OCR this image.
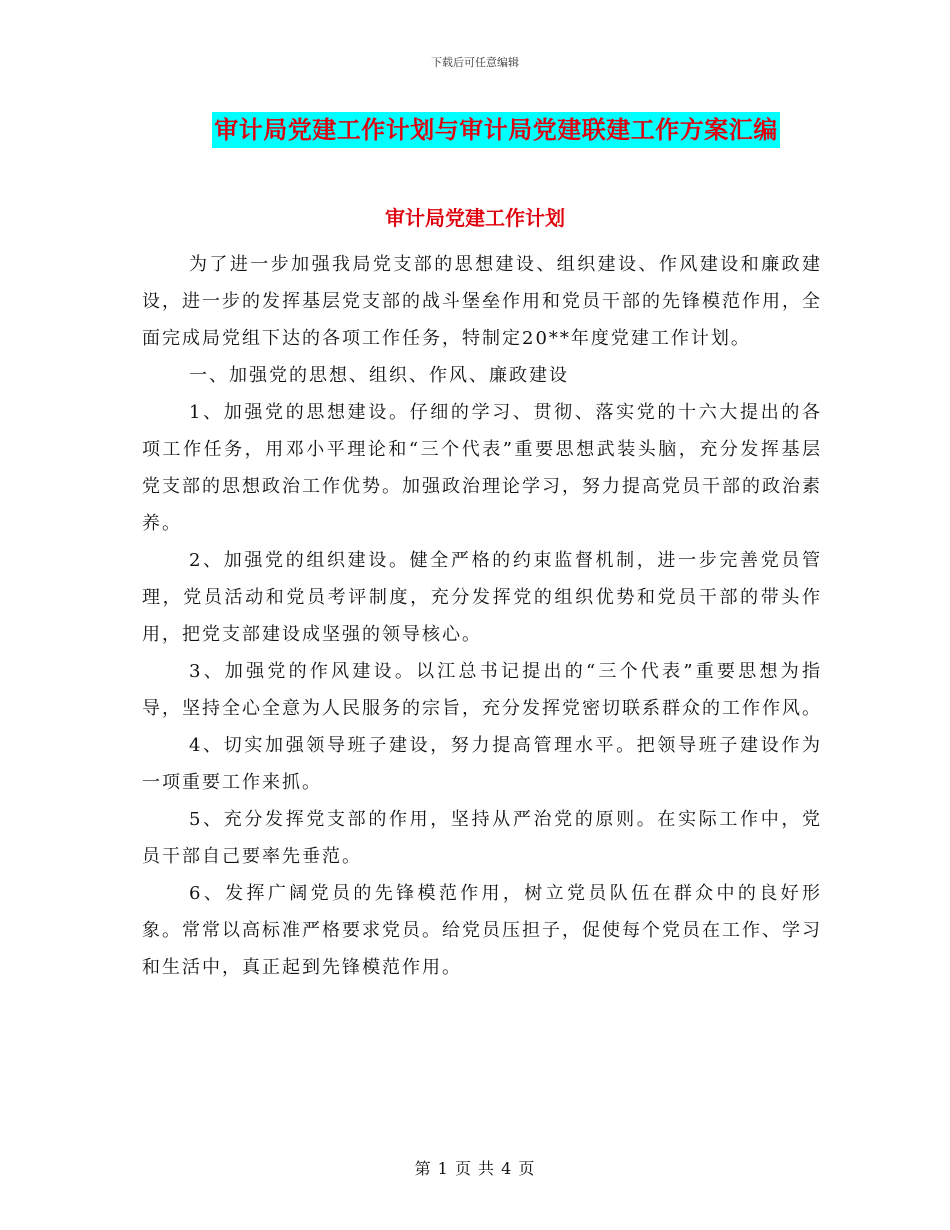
下载后可任意编辑
审计局党建工作计划与审计局党建联建工作方案汇编
审计局党建工作计划

为了进一步加强我局党支部的思想建设、组织建设、作风建设和廉政建设，进一步的发挥基层党支部的战斗堡垒作用和党员干部的先锋模范作用，全面完成局党组下达的各项工作任务，特制定20**年度党建工作计划。

一、加强党的思想、组织、作风、廉政建设

1、加强党的思想建设。仔细的学习、贯彻、落实党的十六大提出的各项工作任务，用邓小平理论和“三个代表”重要思想武装头脑，充分发挥基层党支部的思想政治工作优势。加强政治理论学习，努力提高党员干部的政治素养。

2、加强党的组织建设。健全严格的约束监督机制，进一步完善党员管理，党员活动和党员考评制度，充分发挥党的组织优势和党员干部的带头作用，把党支部建设成坚强的领导核心。

3、加强党的作风建设。以江总书记提出的“三个代表”重要思想为指导，坚持全心全意为人民服务的宗旨，充分发挥党密切联系群众的工作作风。

4、切实加强领导班子建设，努力提高管理水平。把领导班子建设作为一项重要工作来抓。

5、充分发挥党支部的作用，坚持从严治党的原则。在实际工作中，党员干部自己要率先垂范。

6、发挥广阔党员的先锋模范作用，树立党员队伍在群众中的良好形象。常常以高标准严格要求党员。给党员压担子，促使每个党员在工作、学习和生活中，真正起到先锋模范作用。

第 1 页 共 4 页
